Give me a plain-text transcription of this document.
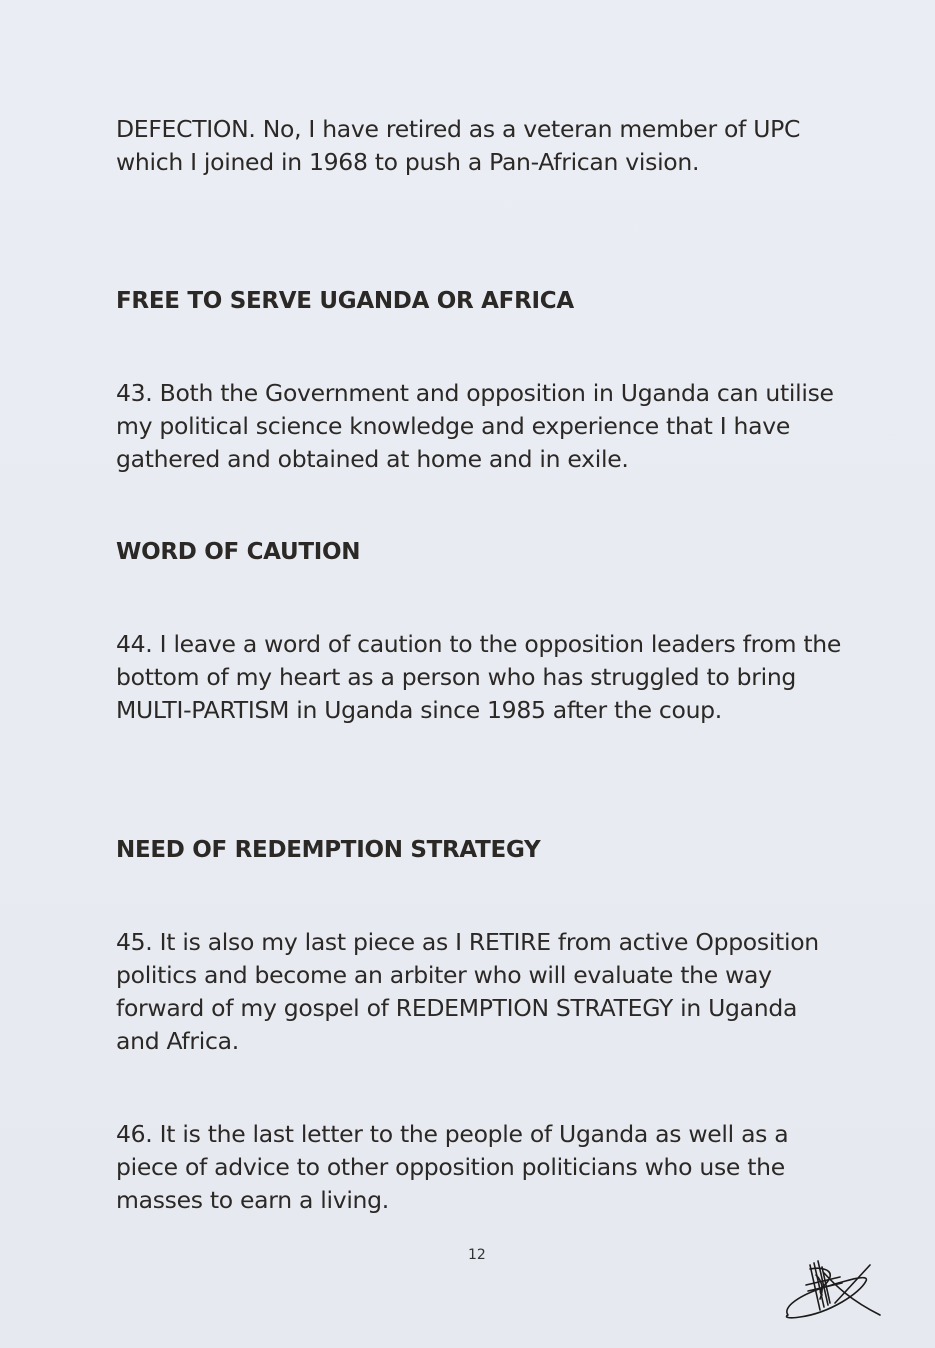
DEFECTION. No, I have retired as a veteran member of UPC which I joined in 1968 to push a Pan-African vision.

FREE TO SERVE UGANDA OR AFRICA

43. Both the Government and opposition in Uganda can utilise my political science knowledge and experience that I have gathered and obtained at home and in exile.

WORD OF CAUTION

44. I leave a word of caution to the opposition leaders from the bottom of my heart as a person who has struggled to bring MULTI-PARTISM in Uganda since 1985 after the coup.

NEED OF REDEMPTION STRATEGY

45. It is also my last piece as I RETIRE from active Opposition politics and become an arbiter who will evaluate the way forward of my gospel of REDEMPTION STRATEGY in Uganda and Africa.

46. It is the last letter to the people of Uganda as well as a piece of advice to other opposition politicians who use the masses to earn a living.

12
